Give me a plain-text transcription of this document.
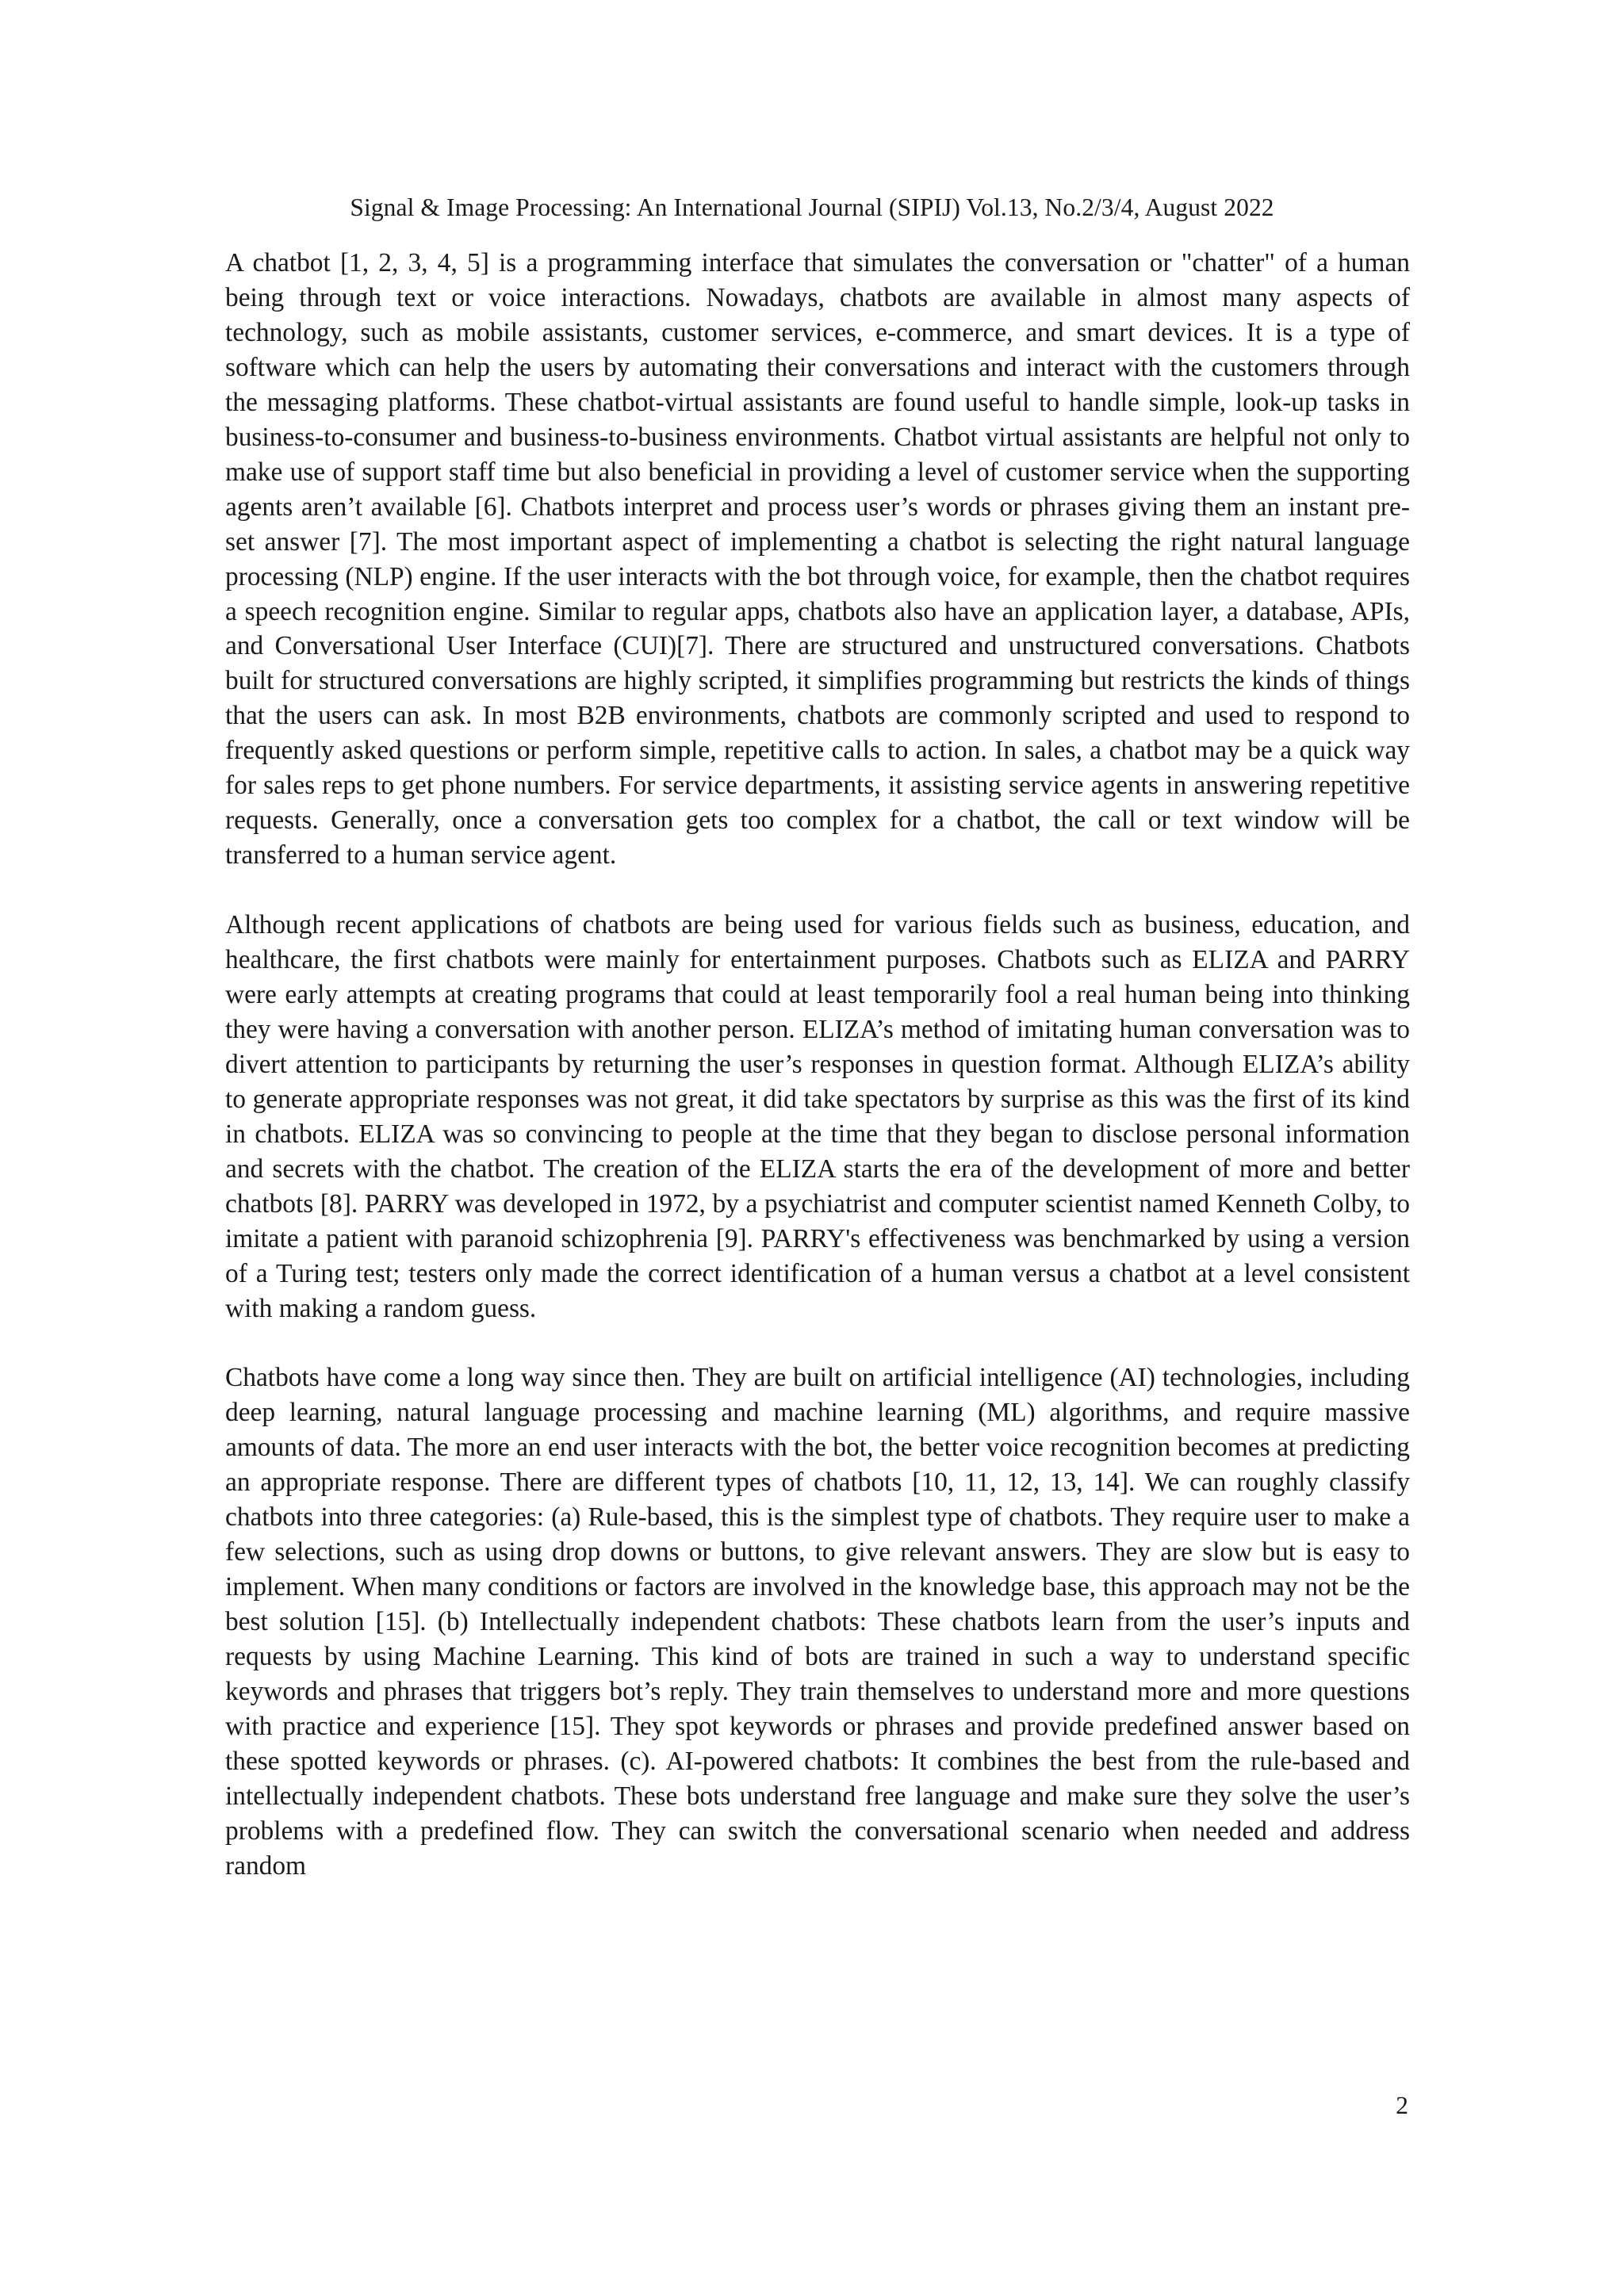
Signal & Image Processing: An International Journal (SIPIJ) Vol.13, No.2/3/4, August 2022

A chatbot [1, 2, 3, 4, 5] is a programming interface that simulates the conversation or "chatter" of a human being through text or voice interactions. Nowadays, chatbots are available in almost many aspects of technology, such as mobile assistants, customer services, e-commerce, and smart devices. It is a type of software which can help the users by automating their conversations and interact with the customers through the messaging platforms. These chatbot-virtual assistants are found useful to handle simple, look-up tasks in business-to-consumer and business-to-business environments. Chatbot virtual assistants are helpful not only to make use of support staff time but also beneficial in providing a level of customer service when the supporting agents aren’t available [6]. Chatbots interpret and process user’s words or phrases giving them an instant pre-set answer [7]. The most important aspect of implementing a chatbot is selecting the right natural language processing (NLP) engine. If the user interacts with the bot through voice, for example, then the chatbot requires a speech recognition engine. Similar to regular apps, chatbots also have an application layer, a database, APIs, and Conversational User Interface (CUI)[7]. There are structured and unstructured conversations. Chatbots built for structured conversations are highly scripted, it simplifies programming but restricts the kinds of things that the users can ask. In most B2B environments, chatbots are commonly scripted and used to respond to frequently asked questions or perform simple, repetitive calls to action. In sales, a chatbot may be a quick way for sales reps to get phone numbers. For service departments, it assisting service agents in answering repetitive requests. Generally, once a conversation gets too complex for a chatbot, the call or text window will be transferred to a human service agent.

Although recent applications of chatbots are being used for various fields such as business, education, and healthcare, the first chatbots were mainly for entertainment purposes. Chatbots such as ELIZA and PARRY were early attempts at creating programs that could at least temporarily fool a real human being into thinking they were having a conversation with another person. ELIZA’s method of imitating human conversation was to divert attention to participants by returning the user’s responses in question format. Although ELIZA’s ability to generate appropriate responses was not great, it did take spectators by surprise as this was the first of its kind in chatbots. ELIZA was so convincing to people at the time that they began to disclose personal information and secrets with the chatbot. The creation of the ELIZA starts the era of the development of more and better chatbots [8]. PARRY was developed in 1972, by a psychiatrist and computer scientist named Kenneth Colby, to imitate a patient with paranoid schizophrenia [9]. PARRY's effectiveness was benchmarked by using a version of a Turing test; testers only made the correct identification of a human versus a chatbot at a level consistent with making a random guess.

Chatbots have come a long way since then. They are built on artificial intelligence (AI) technologies, including deep learning, natural language processing and machine learning (ML) algorithms, and require massive amounts of data. The more an end user interacts with the bot, the better voice recognition becomes at predicting an appropriate response. There are different types of chatbots [10, 11, 12, 13, 14]. We can roughly classify chatbots into three categories: (a) Rule-based, this is the simplest type of chatbots. They require user to make a few selections, such as using drop downs or buttons, to give relevant answers. They are slow but is easy to implement. When many conditions or factors are involved in the knowledge base, this approach may not be the best solution [15]. (b) Intellectually independent chatbots: These chatbots learn from the user’s inputs and requests by using Machine Learning. This kind of bots are trained in such a way to understand specific keywords and phrases that triggers bot’s reply. They train themselves to understand more and more questions with practice and experience [15]. They spot keywords or phrases and provide predefined answer based on these spotted keywords or phrases. (c). AI-powered chatbots: It combines the best from the rule-based and intellectually independent chatbots. These bots understand free language and make sure they solve the user’s problems with a predefined flow. They can switch the conversational scenario when needed and address random

2
